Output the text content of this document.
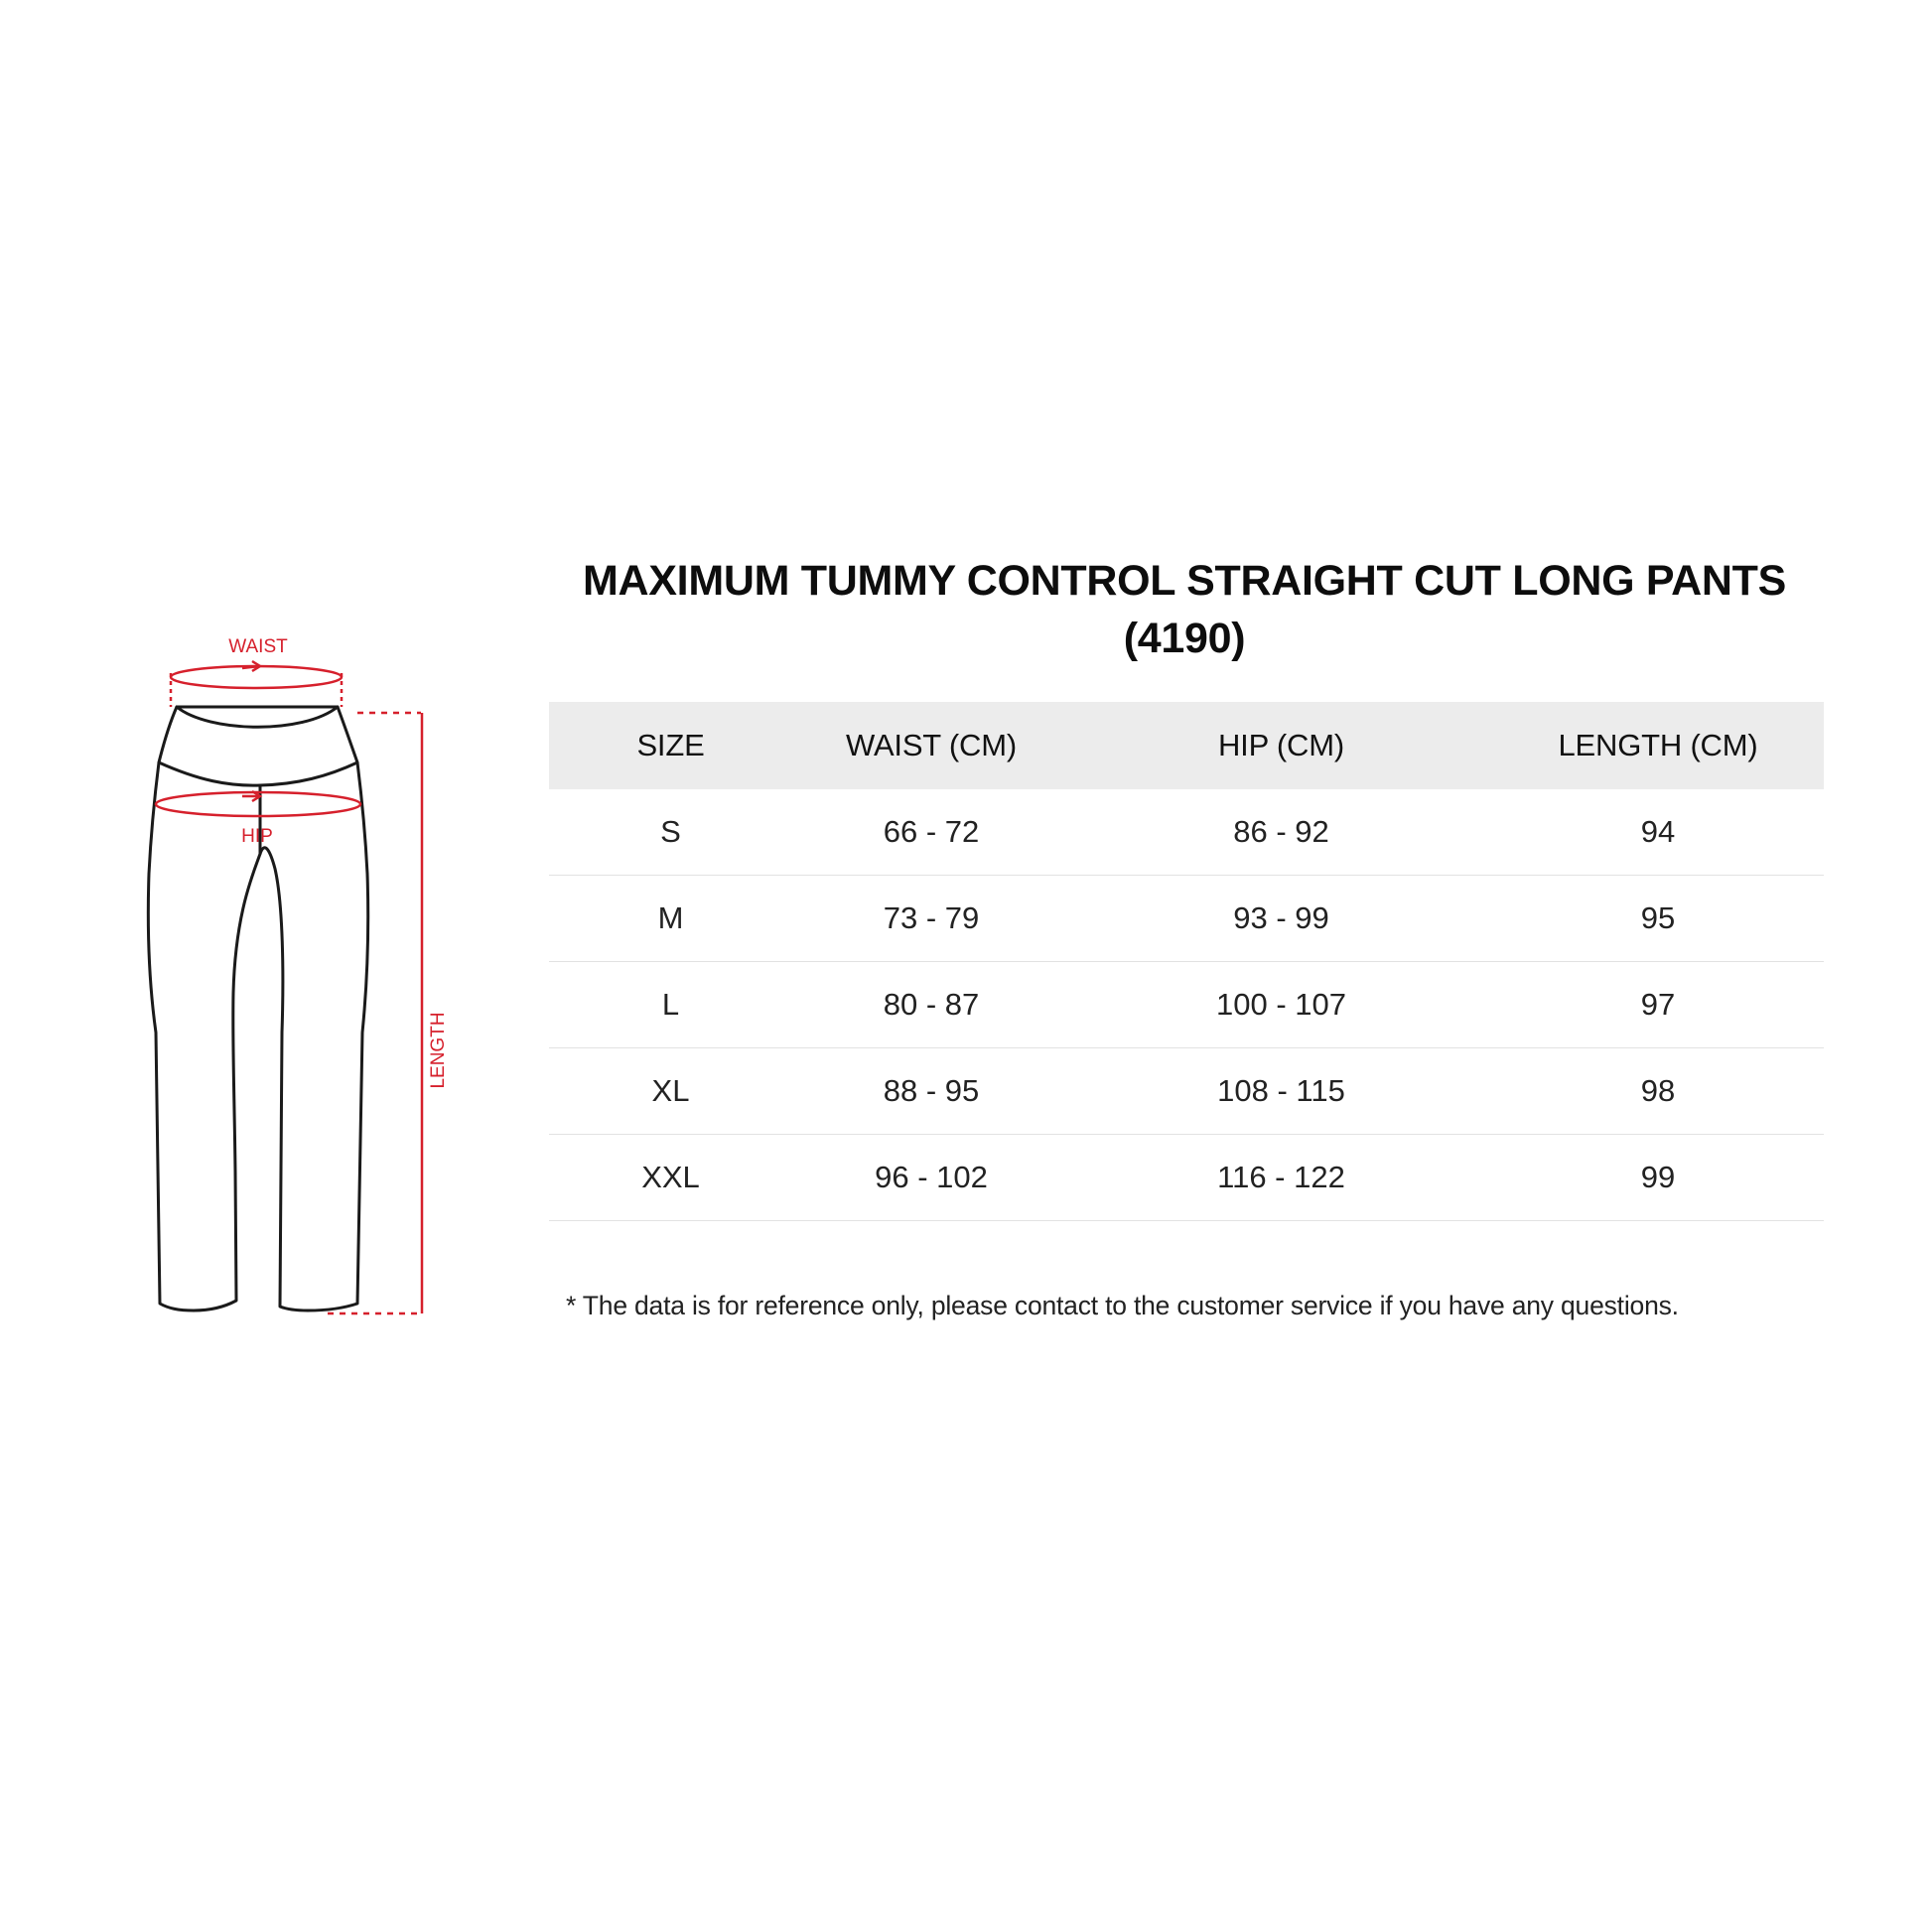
WAIST
HIP
LENGTH
MAXIMUM TUMMY CONTROL STRAIGHT CUT LONG PANTS
(4190)
SIZE	WAIST (CM)	HIP (CM)	LENGTH (CM)
S	66 - 72	86 - 92	94
M	73 - 79	93 - 99	95
L	80 - 87	100 - 107	97
XL	88 - 95	108 - 115	98
XXL	96 - 102	116 - 122	99
* The data is for reference only, please contact to the customer service if you have any questions.
